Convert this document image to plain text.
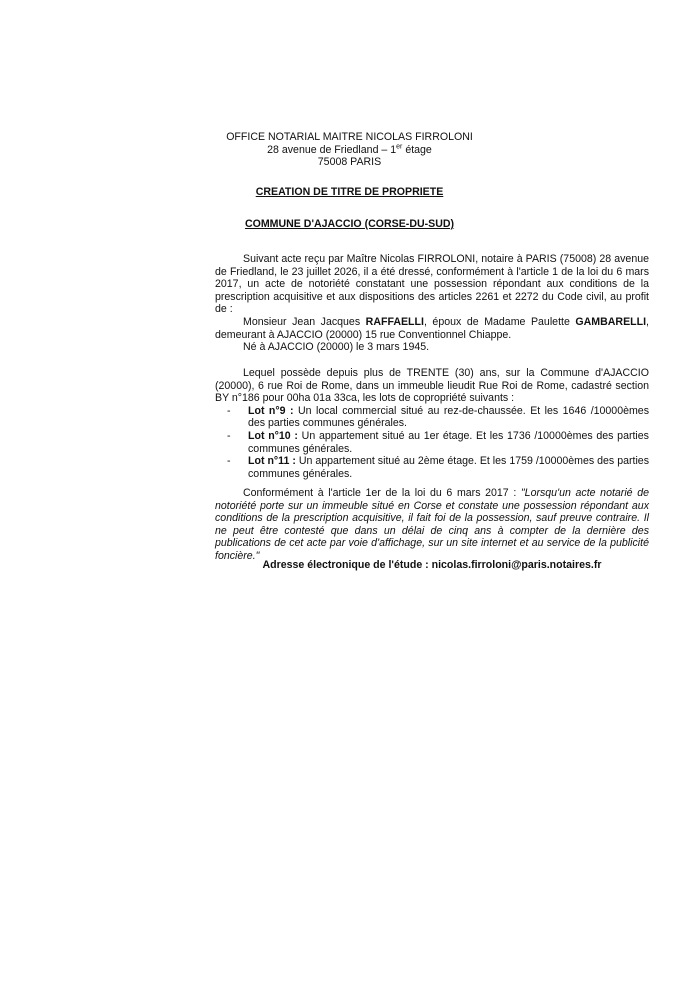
OFFICE NOTARIAL MAITRE NICOLAS FIRROLONI
28 avenue de Friedland – 1er étage
75008 PARIS
CREATION DE TITRE DE PROPRIETE
COMMUNE D'AJACCIO (CORSE-DU-SUD)

Suivant acte reçu par Maître Nicolas FIRROLONI, notaire à PARIS (75008) 28 avenue de Friedland, le 23 juillet 2026, il a été dressé, conformément à l'article 1 de la loi du 6 mars 2017, un acte de notoriété constatant une possession répondant aux conditions de la prescription acquisitive et aux dispositions des articles 2261 et 2272 du Code civil, au profit de :

Monsieur Jean Jacques RAFFAELLI, époux de Madame Paulette GAMBARELLI, demeurant à AJACCIO (20000) 15 rue Conventionnel Chiappe.

Né à AJACCIO (20000) le 3 mars 1945.

Lequel possède depuis plus de TRENTE (30) ans, sur la Commune d'AJACCIO (20000), 6 rue Roi de Rome, dans un immeuble lieudit Rue Roi de Rome, cadastré section BY n°186 pour 00ha 01a 33ca, les lots de copropriété suivants :

- Lot n°9 : Un local commercial situé au rez-de-chaussée. Et les 1646 /10000èmes des parties communes générales.
- Lot n°10 : Un appartement situé au 1er étage. Et les 1736 /10000èmes des parties communes générales.
- Lot n°11 : Un appartement situé au 2ème étage. Et les 1759 /10000èmes des parties communes générales.

Conformément à l'article 1er de la loi du 6 mars 2017 : "Lorsqu'un acte notarié de notoriété porte sur un immeuble situé en Corse et constate une possession répondant aux conditions de la prescription acquisitive, il fait foi de la possession, sauf preuve contraire. Il ne peut être contesté que dans un délai de cinq ans à compter de la dernière des publications de cet acte par voie d'affichage, sur un site internet et au service de la publicité foncière."

Adresse électronique de l'étude : nicolas.firroloni@paris.notaires.fr
